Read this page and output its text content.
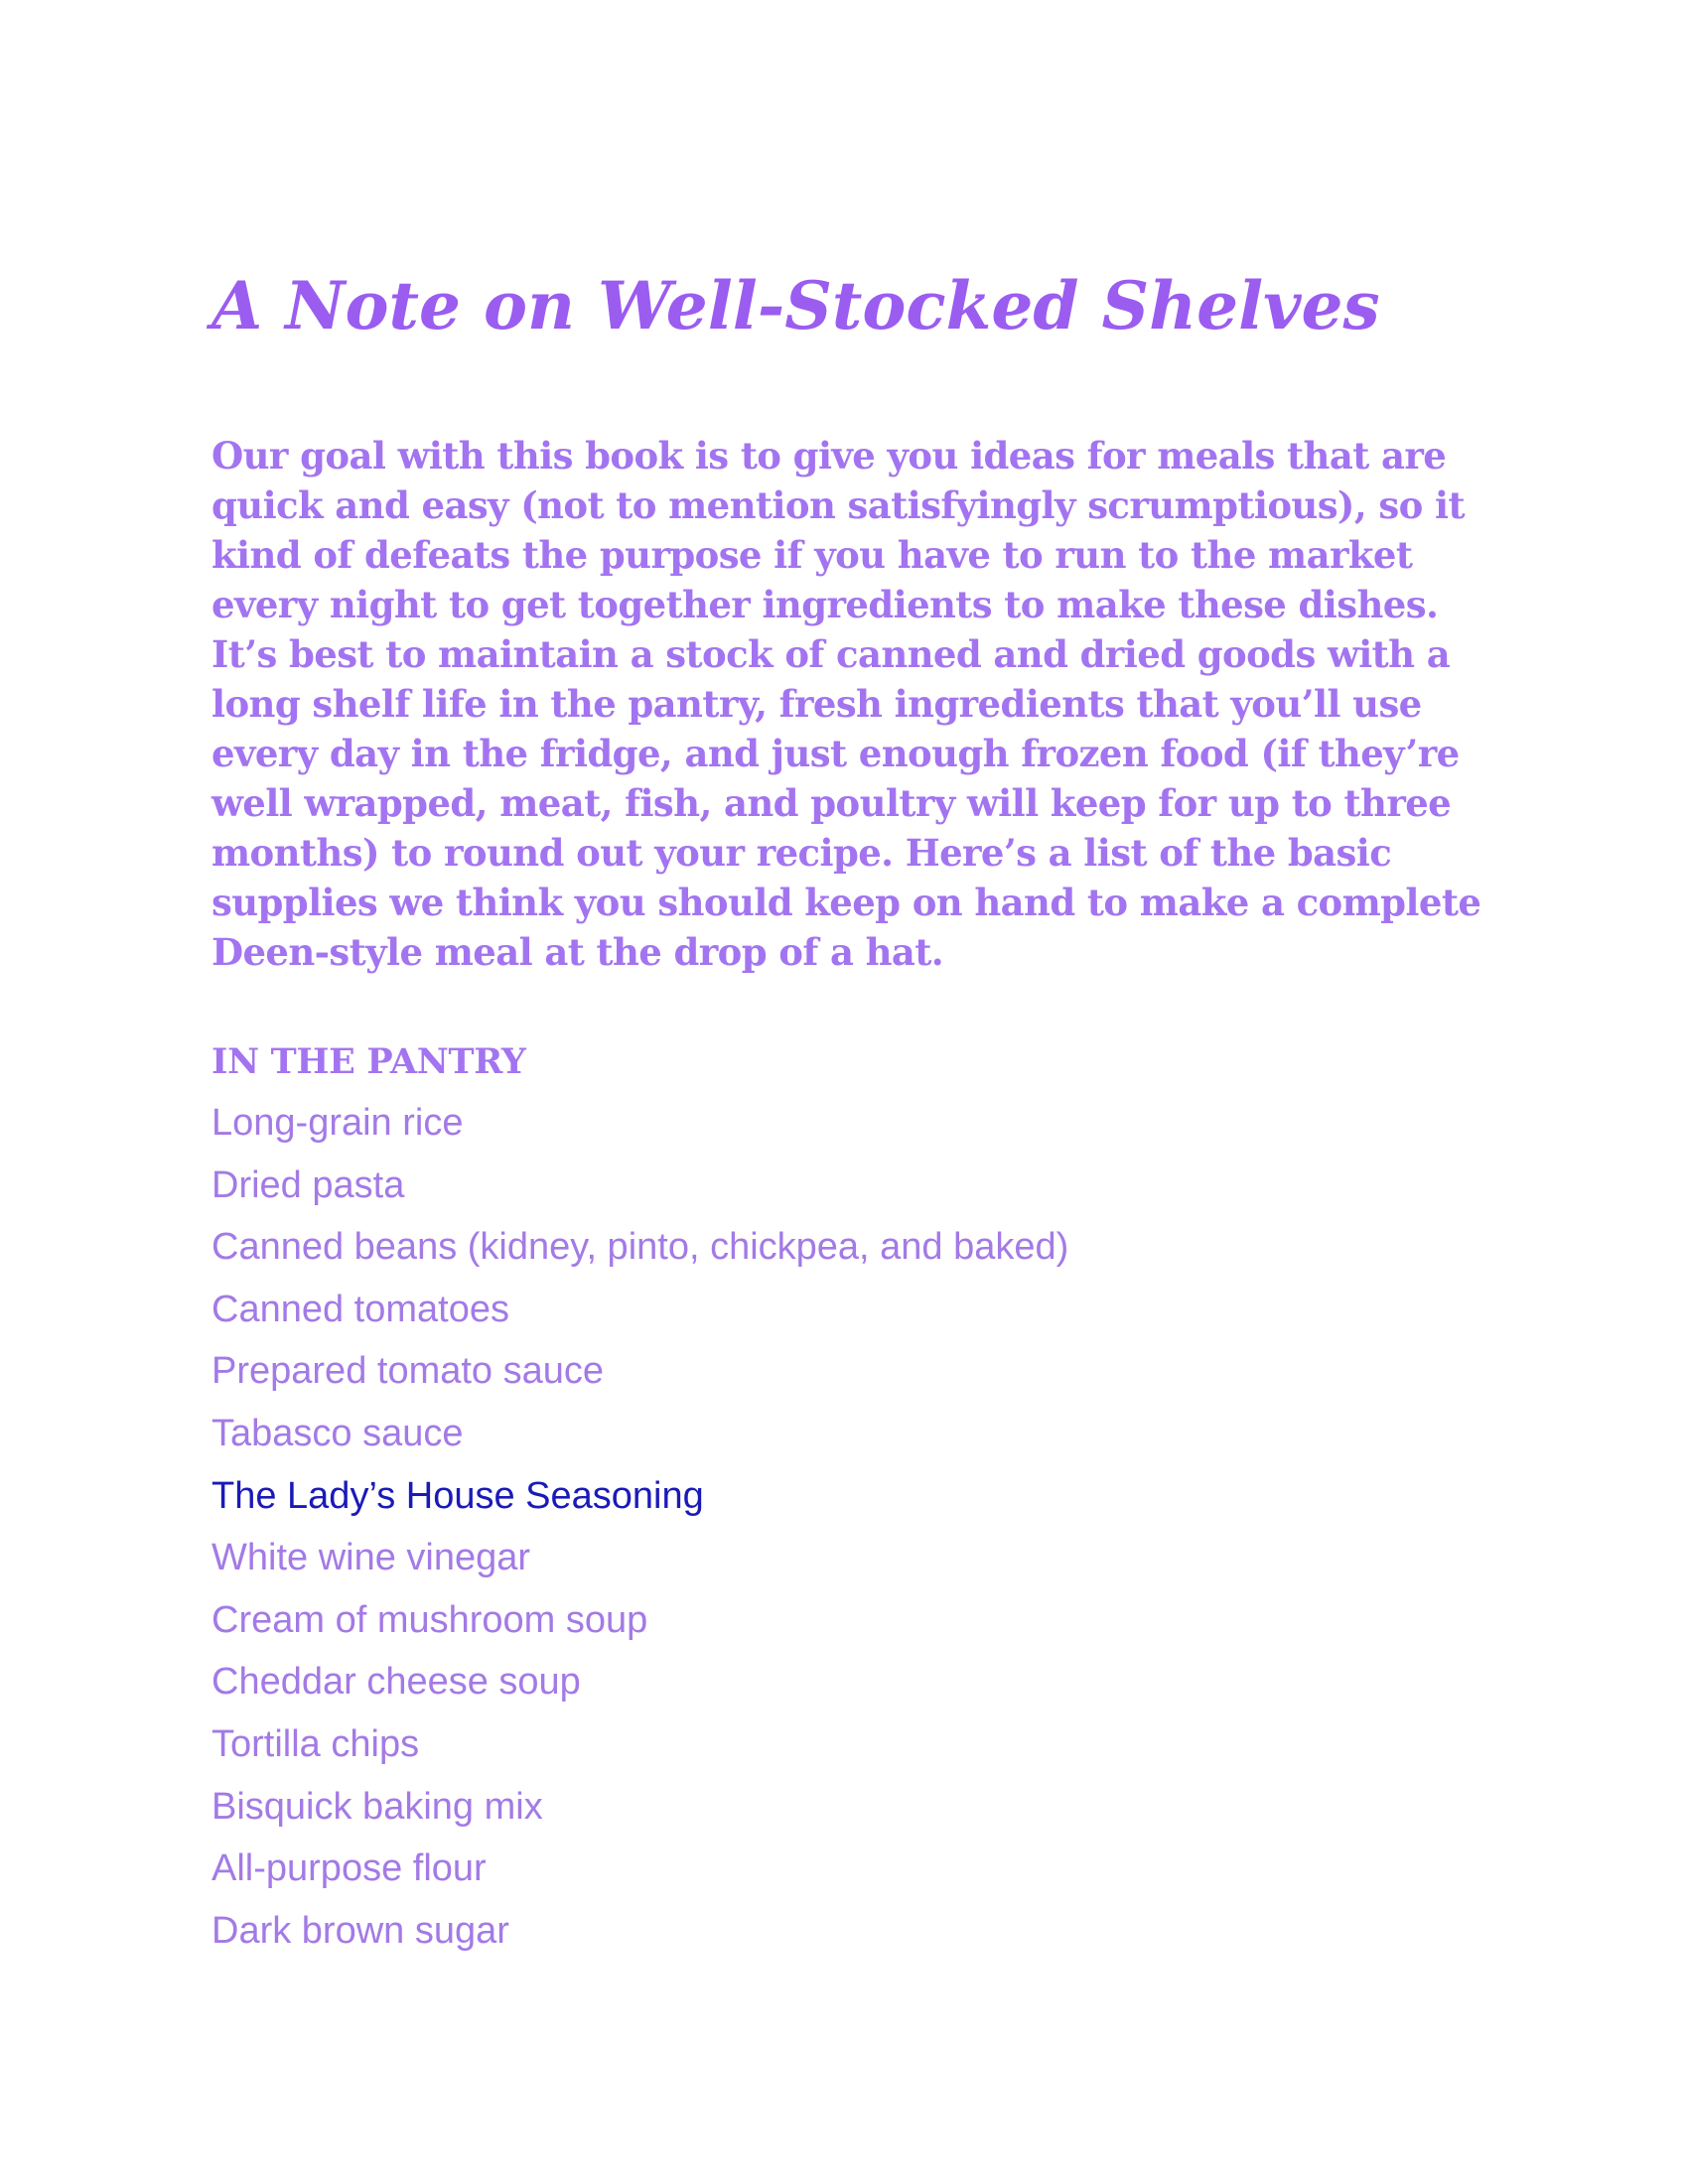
A Note on Well-Stocked Shelves

Our goal with this book is to give you ideas for meals that are quick and easy (not to mention satisfyingly scrumptious), so it kind of defeats the purpose if you have to run to the market every night to get together ingredients to make these dishes. It’s best to maintain a stock of canned and dried goods with a long shelf life in the pantry, fresh ingredients that you’ll use every day in the fridge, and just enough frozen food (if they’re well wrapped, meat, fish, and poultry will keep for up to three months) to round out your recipe. Here’s a list of the basic supplies we think you should keep on hand to make a complete Deen-style meal at the drop of a hat.

IN THE PANTRY
Long-grain rice
Dried pasta
Canned beans (kidney, pinto, chickpea, and baked)
Canned tomatoes
Prepared tomato sauce
Tabasco sauce
The Lady’s House Seasoning
White wine vinegar
Cream of mushroom soup
Cheddar cheese soup
Tortilla chips
Bisquick baking mix
All-purpose flour
Dark brown sugar
